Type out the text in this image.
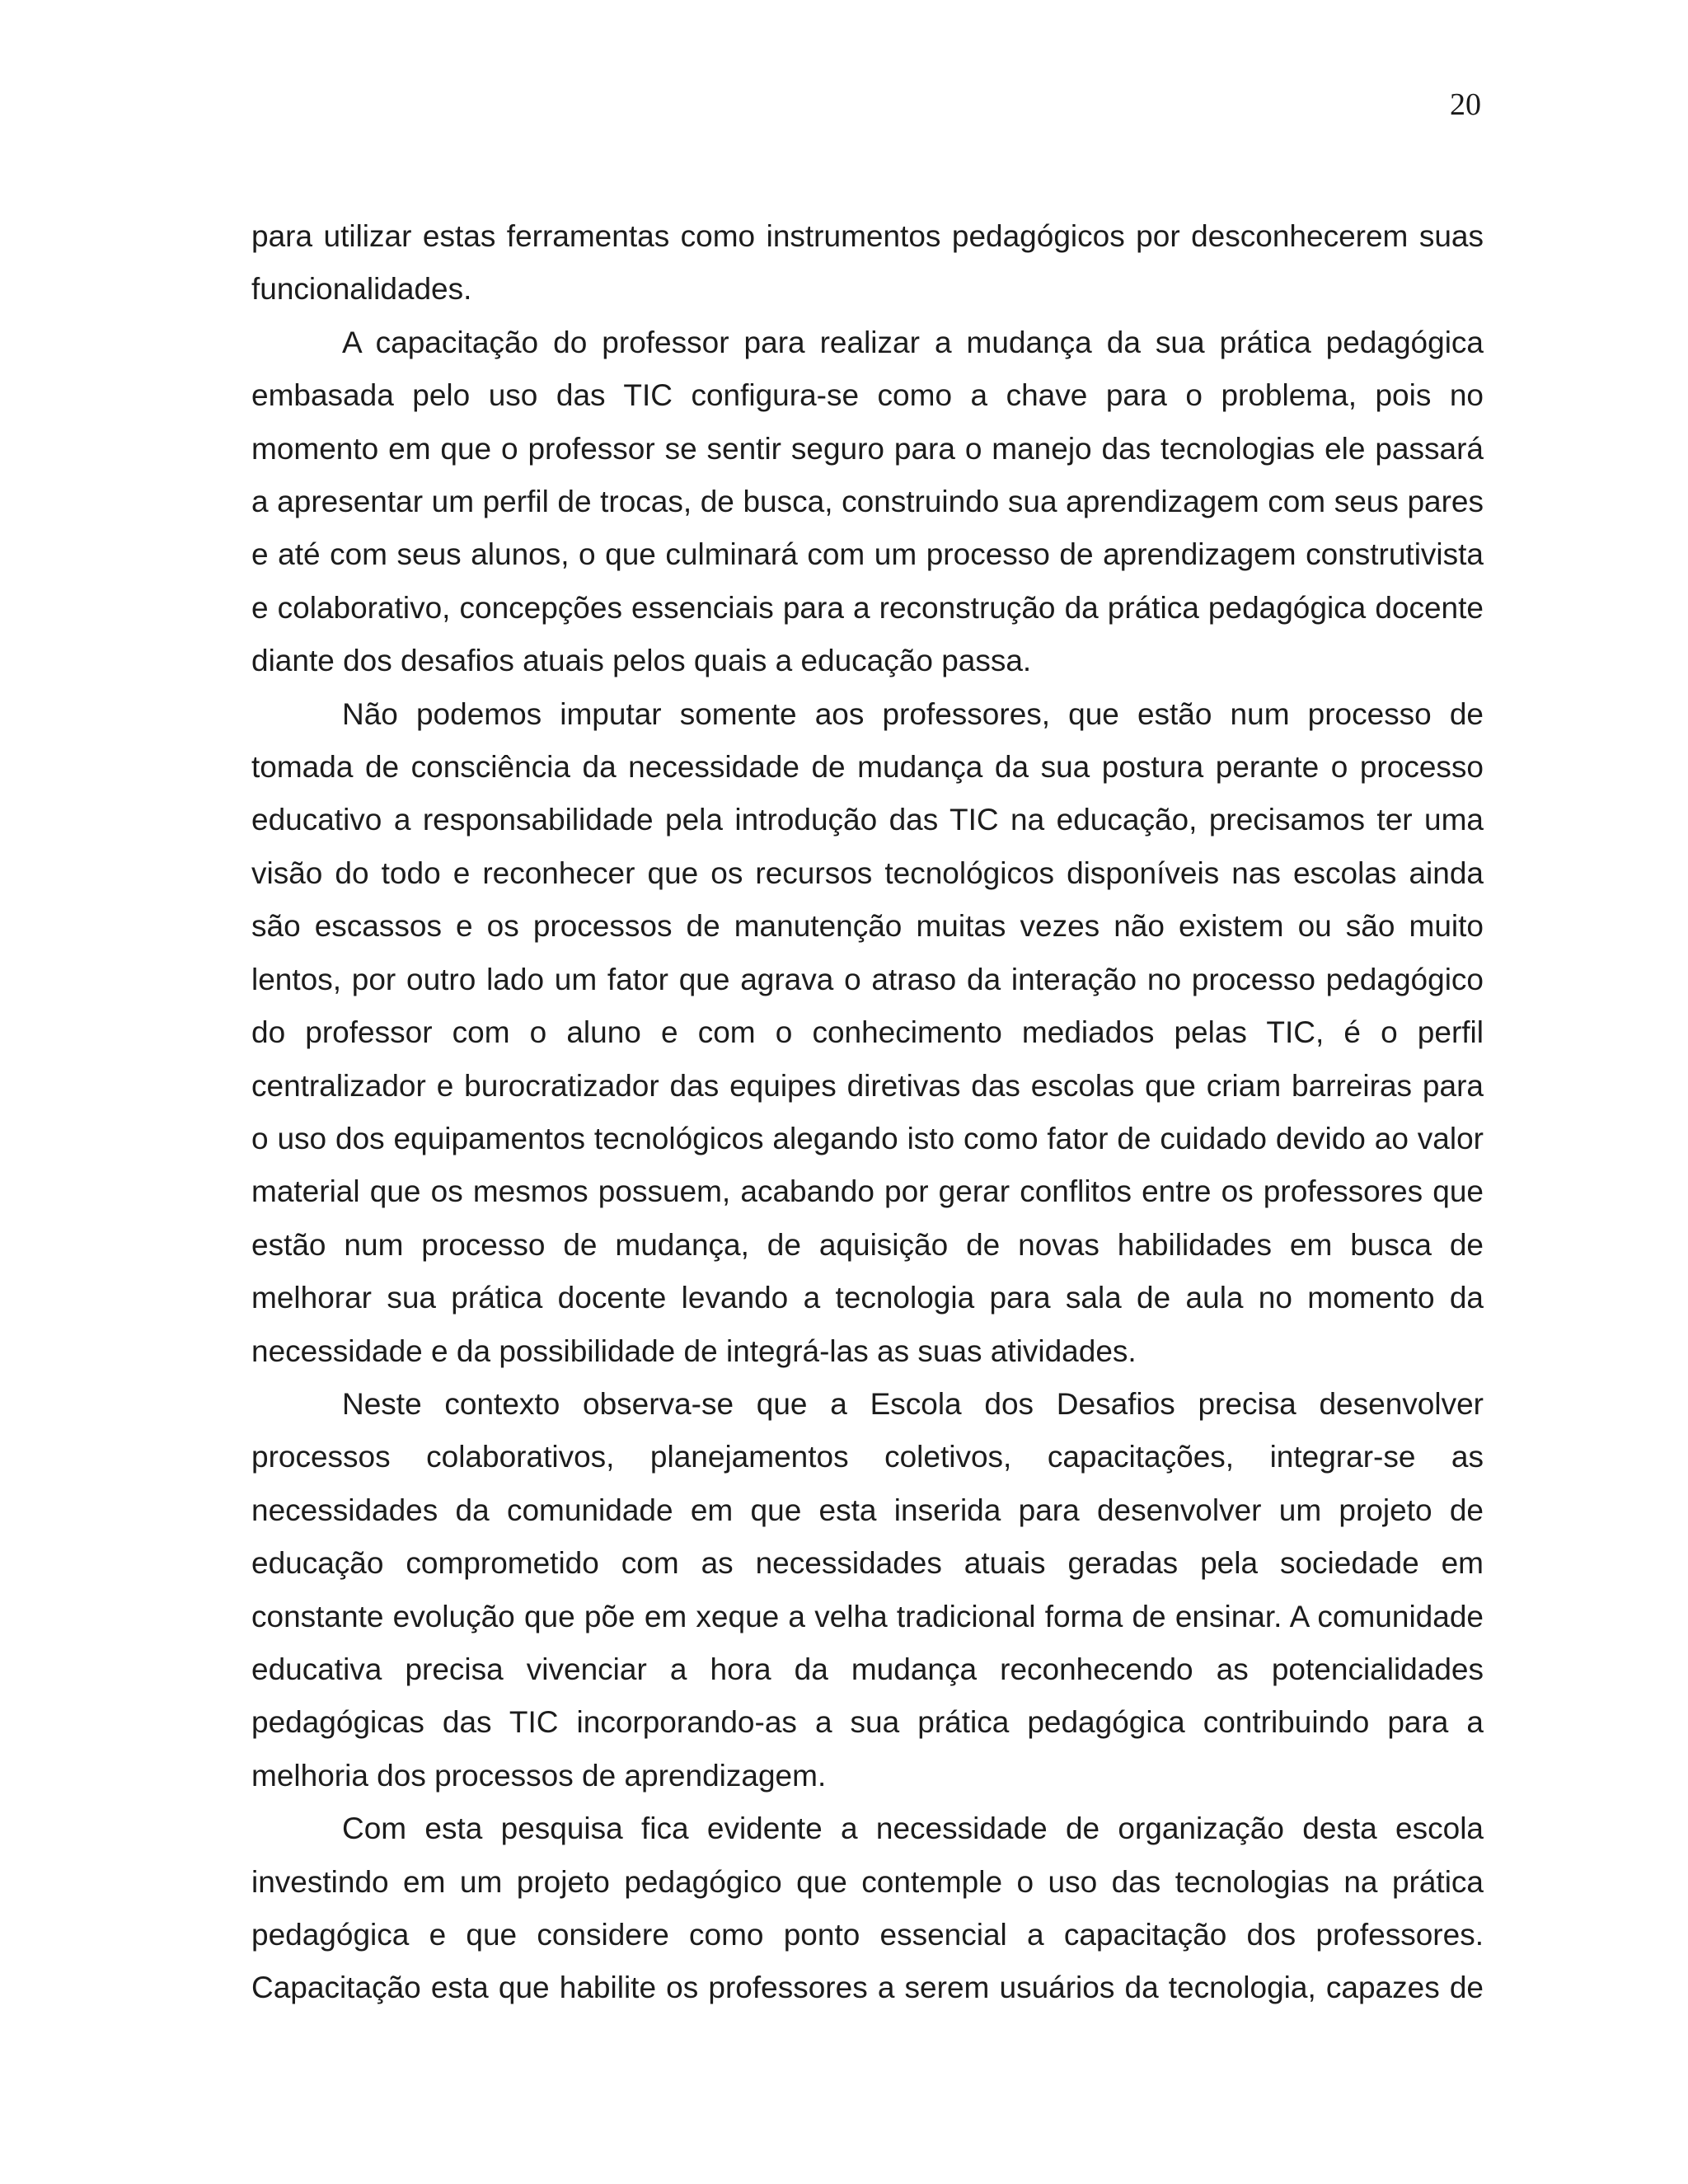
20

para utilizar estas ferramentas como instrumentos pedagógicos por desconhecerem suas funcionalidades.

A capacitação do professor para realizar a mudança da sua prática pedagógica embasada pelo uso das TIC configura-se como a chave para o problema, pois no momento em que o professor se sentir seguro para o manejo das tecnologias ele passará a apresentar um perfil de trocas, de busca, construindo sua aprendizagem com seus pares e até com seus alunos, o que culminará com um processo de aprendizagem construtivista e colaborativo, concepções essenciais para a reconstrução da prática pedagógica docente diante dos desafios atuais pelos quais a educação passa.

Não podemos imputar somente aos professores, que estão num processo de tomada de consciência da necessidade de mudança da sua postura perante o processo educativo a responsabilidade pela introdução das TIC na educação, precisamos ter uma visão do todo e reconhecer que os recursos tecnológicos disponíveis nas escolas ainda são escassos e os processos de manutenção muitas vezes não existem ou são muito lentos, por outro lado um fator que agrava o atraso da interação no processo pedagógico do professor com o aluno e com o conhecimento mediados pelas TIC, é o perfil centralizador e burocratizador das equipes diretivas das escolas que criam barreiras para o uso dos equipamentos tecnológicos alegando isto como fator de cuidado devido ao valor material que os mesmos possuem, acabando por gerar conflitos entre os professores que estão num processo de mudança, de aquisição de novas habilidades em busca de melhorar sua prática docente levando a tecnologia para sala de aula no momento da necessidade e da possibilidade de integrá-las as suas atividades.

Neste contexto observa-se que a Escola dos Desafios precisa desenvolver processos colaborativos, planejamentos coletivos, capacitações, integrar-se as necessidades da comunidade em que esta inserida para desenvolver um projeto de educação comprometido com as necessidades atuais geradas pela sociedade em constante evolução que põe em xeque a velha tradicional forma de ensinar. A comunidade educativa precisa vivenciar a hora da mudança reconhecendo as potencialidades pedagógicas das TIC incorporando-as a sua prática pedagógica contribuindo para a melhoria dos processos de aprendizagem.

Com esta pesquisa fica evidente a necessidade de organização desta escola investindo em um projeto pedagógico que contemple o uso das tecnologias na prática pedagógica e que considere como ponto essencial a capacitação dos professores. Capacitação esta que habilite os professores a serem usuários da tecnologia, capazes de
